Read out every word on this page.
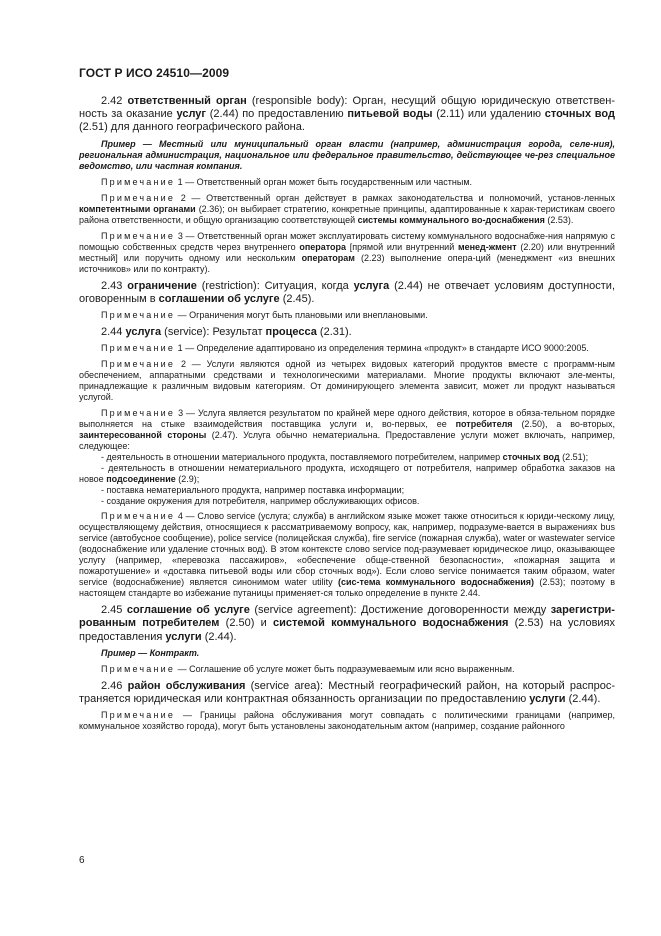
ГОСТ Р ИСО 24510—2009

2.42 ответственный орган (responsible body): Орган, несущий общую юридическую ответствен-ность за оказание услуг (2.44) по предоставлению питьевой воды (2.11) или удалению сточных вод (2.51) для данного географического района.

Пример — Местный или муниципальный орган власти (например, администрация города, селе-ния), региональная администрация, национальное или федеральное правительство, действующее че-рез специальное ведомство, или частная компания.

Примечание 1 — Ответственный орган может быть государственным или частным.

Примечание 2 — Ответственный орган действует в рамках законодательства и полномочий, установ-ленных компетентными органами (2.36); он выбирает стратегию, конкретные принципы, адаптированные к харак-теристикам своего района ответственности, и общую организацию соответствующей системы коммунального во-доснабжения (2.53).

Примечание 3 — Ответственный орган может эксплуатировать систему коммунального водоснабже-ния напрямую с помощью собственных средств через внутреннего оператора [прямой или внутренний менед-жмент (2.20) или внутренний местный] или поручить одному или нескольким операторам (2.23) выполнение опера-ций (менеджмент «из внешних источников» или по контракту).

2.43 ограничение (restriction): Ситуация, когда услуга (2.44) не отвечает условиям доступности, оговоренным в соглашении об услуге (2.45).

Примечание — Ограничения могут быть плановыми или внеплановыми.

2.44 услуга (service): Результат процесса (2.31).

Примечание 1 — Определение адаптировано из определения термина «продукт» в стандарте ИСО 9000:2005.

Примечание 2 — Услуги являются одной из четырех видовых категорий продуктов вместе с программ-ным обеспечением, аппаратными средствами и технологическими материалами. Многие продукты включают эле-менты, принадлежащие к различным видовым категориям. От доминирующего элемента зависит, может ли продукт называться услугой.

Примечание 3 — Услуга является результатом по крайней мере одного действия, которое в обяза-тельном порядке выполняется на стыке взаимодействия поставщика услуги и, во-первых, ее потребителя (2.50), а во-вторых, заинтересованной стороны (2.47). Услуга обычно нематериальна. Предоставление услуги может включать, например, следующее:

- деятельность в отношении материального продукта, поставляемого потребителем, например сточных вод (2.51);

- деятельность в отношении нематериального продукта, исходящего от потребителя, например обработка заказов на новое подсоединение (2.9);

- поставка нематериального продукта, например поставка информации;

- создание окружения для потребителя, например обслуживающих офисов.

Примечание 4 — Слово service (услуга; служба) в английском языке может также относиться к юриди-ческому лицу, осуществляющему действия, относящиеся к рассматриваемому вопросу, как, например, подразуме-вается в выражениях bus service (автобусное сообщение), police service (полицейская служба), fire service (пожарная служба), water or wastewater service (водоснабжение или удаление сточных вод). В этом контексте слово service под-разумевает юридическое лицо, оказывающее услугу (например, «перевозка пассажиров», «обеспечение обще-ственной безопасности», «пожарная защита и пожаротушение» и «доставка питьевой воды или сбор сточных вод»). Если слово service понимается таким образом, water service (водоснабжение) является синонимом water utility (сис-тема коммунального водоснабжения) (2.53); поэтому в настоящем стандарте во избежание путаницы применяет-ся только определение в пункте 2.44.

2.45 соглашение об услуге (service agreement): Достижение договоренности между зарегистри-рованным потребителем (2.50) и системой коммунального водоснабжения (2.53) на условиях предоставления услуги (2.44).

Пример — Контракт.

Примечание — Соглашение об услуге может быть подразумеваемым или ясно выраженным.

2.46 район обслуживания (service area): Местный географический район, на который распрос-траняется юридическая или контрактная обязанность организации по предоставлению услуги (2.44).

Примечание — Границы района обслуживания могут совпадать с политическими границами (например, коммунальное хозяйство города), могут быть установлены законодательным актом (например, создание районного

6
